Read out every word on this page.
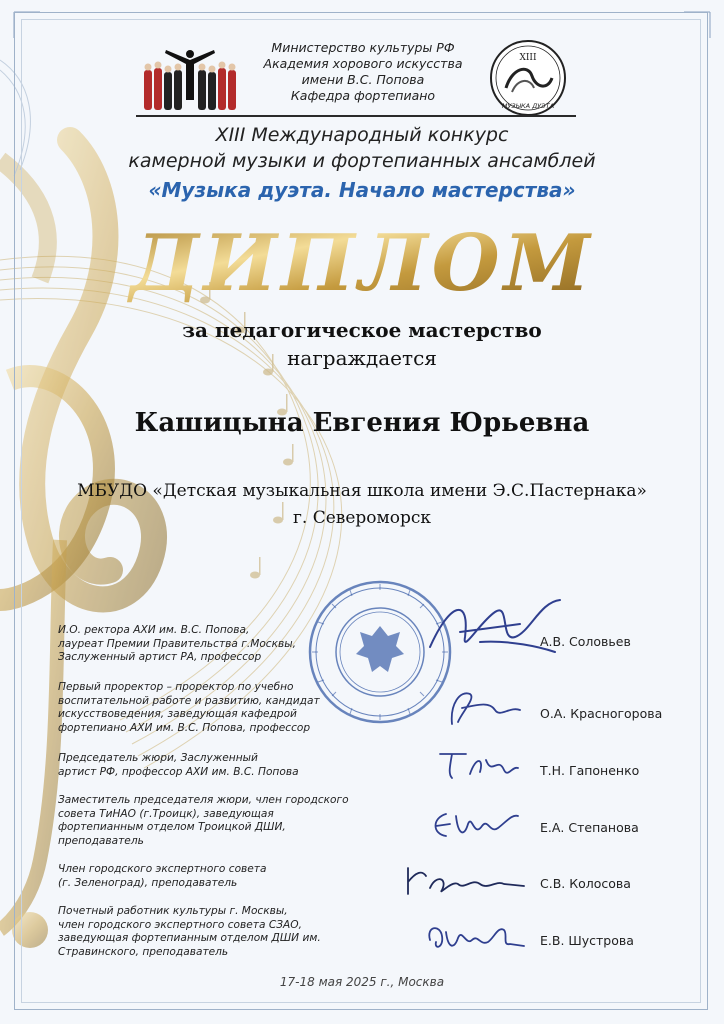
Министерство культуры РФ
Академия хорового искусства
имени В.С. Попова
Кафедра фортепиано
XIII
МУЗЫКА ДУЭТА
XIII Международный конкурс
камерной музыки и фортепианных ансамблей
«Музыка дуэта. Начало мастерства»
ДИПЛОМ
за педагогическое мастерство
награждается
Кашицына Евгения Юрьевна
МБУДО «Детская музыкальная школа имени Э.С.Пастернака»
г. Североморск
И.О. ректора АХИ им. В.С. Попова,
лауреат Премии Правительства г.Москвы,
Заслуженный артист РА, профессор
А.В. Соловьев
Первый проректор – проректор по учебно
воспитательной работе и развитию, кандидат
искусствоведения, заведующая кафедрой
фортепиано АХИ им. В.С. Попова, профессор
О.А. Красногорова
Председатель жюри, Заслуженный
артист РФ, профессор АХИ им. В.С. Попова	Т.Н. Гапоненко
Заместитель председателя жюри, член городского
совета ТиНАО (г.Троицк), заведующая
фортепианным отделом Троицкой ДШИ,
преподаватель
Е.А. Степанова
Член городского экспертного совета
(г. Зеленоград), преподаватель	С.В. Колосова
Почетный работник культуры г. Москвы,
член городского экспертного совета СЗАО,
заведующая фортепианным отделом ДШИ им.
Стравинского, преподаватель
Е.В. Шустрова
17-18 мая 2025 г., Москва
